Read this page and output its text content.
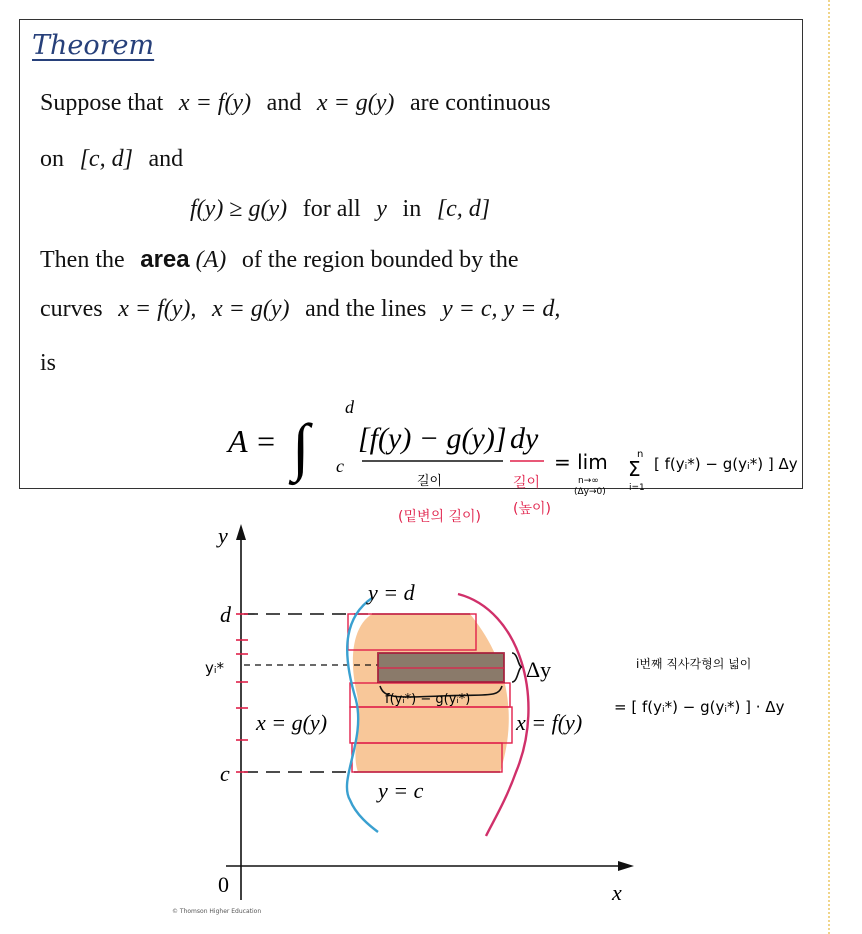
Theorem
Suppose that x = f(y) and x = g(y) are continuous
on [c, d] and
f(y) ≥ g(y) for all y in [c, d]
Then the area (A) of the region bounded by the
curves x = f(y), x = g(y) and the lines y = c, y = d,
is
A = ∫
d
c
[f(y) − g(y)] dy
길이
(밑변의 길이)
길이
(높이)
= lim
n→∞
(Δy→0)
n
Σ
i=1
[ f(yᵢ*) − g(yᵢ*) ] Δy
y
x
0
f(yᵢ*) − g(yᵢ*)
Δy
d
c
yᵢ*
y = d
y = c
x = g(y)	x = f(y)
© Thomson Higher Education
i번째 직사각형의 넓이
= [ f(yᵢ*) − g(yᵢ*) ] · Δy
